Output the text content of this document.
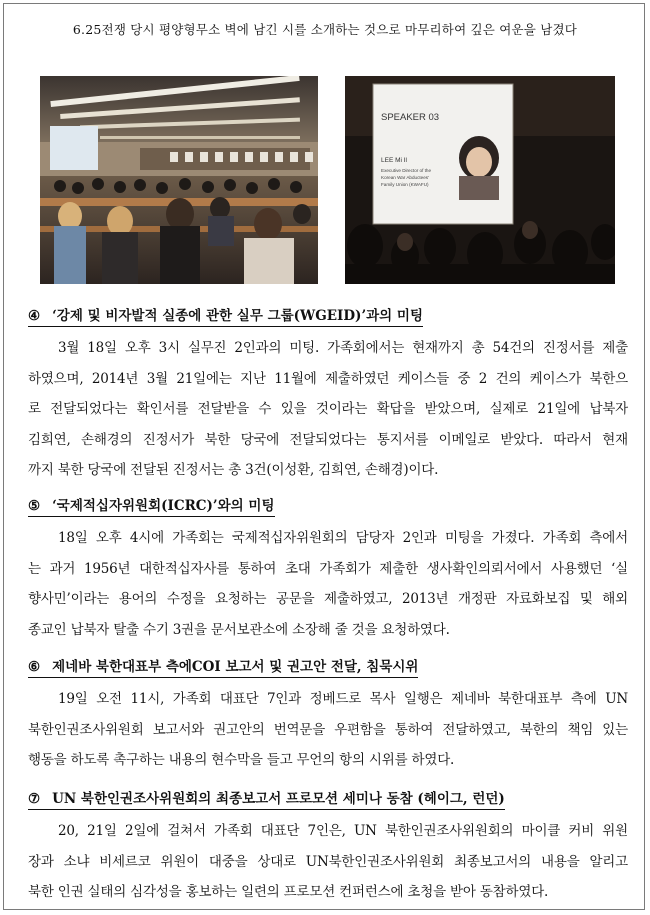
6.25전쟁 당시 평양형무소 벽에 남긴 시를 소개하는 것으로 마무리하여 깊은 여운을 남겼다
SPEAKER 03
LEE Mi Il
Executive Director of the
Korean War Abductees'
Family Union (KWAFU)
④ ‘강제 및 비자발적 실종에 관한 실무 그룹(WGEID)’과의 미팅
3월 18일 오후 3시 실무진 2인과의 미팅. 가족회에서는 현재까지 총 54건의 진정서를 제출
하였으며, 2014년 3월 21일에는 지난 11월에 제출하였던 케이스들 중 2 건의 케이스가 북한으
로 전달되었다는 확인서를 전달받을 수 있을 것이라는 확답을 받았으며, 실제로 21일에 납북자
김희연, 손해경의 진정서가 북한 당국에 전달되었다는 통지서를 이메일로 받았다. 따라서 현재
까지 북한 당국에 전달된 진정서는 총 3건(이성환, 김희연, 손해경)이다.
⑤ ‘국제적십자위원회(ICRC)’와의 미팅
18일 오후 4시에 가족회는 국제적십자위원회의 담당자 2인과 미팅을 가졌다. 가족회 측에서
는 과거 1956년 대한적십자사를 통하여 초대 가족회가 제출한 생사확인의뢰서에서 사용했던 ‘실
향사민’이라는 용어의 수정을 요청하는 공문을 제출하였고, 2013년 개정판 자료화보집 및 해외
종교인 납북자 탈출 수기 3권을 문서보관소에 소장해 줄 것을 요청하였다.
⑥ 제네바 북한대표부 측에COI 보고서 및 권고안 전달, 침묵시위
19일 오전 11시, 가족회 대표단 7인과 정베드로 목사 일행은 제네바 북한대표부 측에 UN
북한인권조사위원회 보고서와 권고안의 번역문을 우편함을 통하여 전달하였고, 북한의 책임 있는
행동을 하도록 촉구하는 내용의 현수막을 들고 무언의 항의 시위를 하였다.
⑦ UN 북한인권조사위원회의 최종보고서 프로모션 세미나 동참 (헤이그, 런던)
20, 21일 2일에 걸쳐서 가족회 대표단 7인은, UN 북한인권조사위원회의 마이클 커비 위원
장과 소냐 비세르코 위원이 대중을 상대로 UN북한인권조사위원회 최종보고서의 내용을 알리고
북한 인권 실태의 심각성을 홍보하는 일련의 프로모션 컨퍼런스에 초청을 받아 동참하였다.
